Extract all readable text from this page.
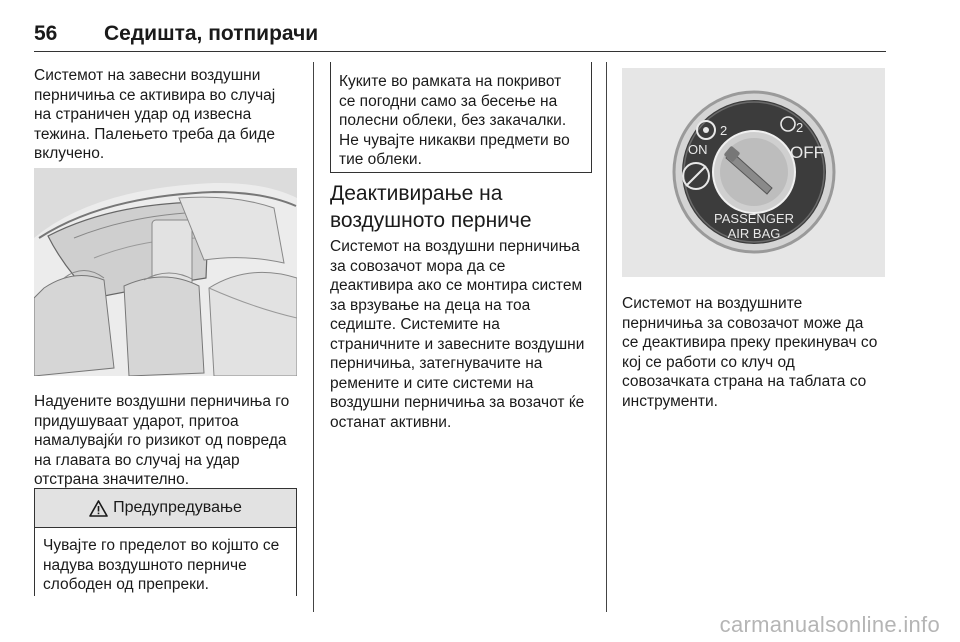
56 Седишта, потпирачи
Системот на завесни воздушни
перничиња се активира во случај
на страничен удар од извесна
тежина. Палењето треба да биде
вклучено.
Надуените воздушни перничиња го
придушуваат ударот, притоа
намалувајќи го ризикот од повреда
на главата во случај на удар
отстрана значително.
Предупредување
Чувајте го пределот во којшто се
надува воздушното перниче
слободен од препреки.
Куките во рамката на покривот
се погодни само за бесење на
полесни облеки, без закачалки.
Не чувајте никакви предмети во
тие облеки.
Деактивирање на
воздушното перниче
Системот на воздушни перничиња
за совозачот мора да се
деактивира ако се монтира систем
за врзување на деца на тоа
седиште. Системите на
страничните и завесните воздушни
перничиња, затегнувачите на
ремените и сите системи на
воздушни перничиња за возачот ќе
останат активни.
2	2
ON	OFF
PASSENGER
AIR BAG
Системот на воздушните
перничиња за совозачот може да
се деактивира преку прекинувач со
кој се работи со клуч од
совозачката страна на таблата со
инструменти.
carmanualsonline.info
